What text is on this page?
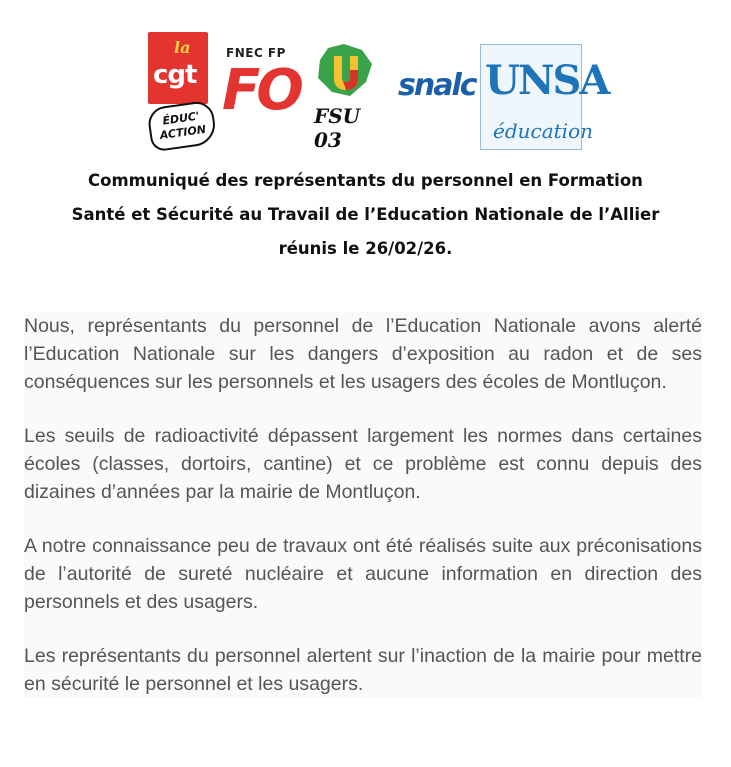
la
cgt
ÉDUC'
ACTION
FNEC FP
FO FSU 03
snalc UNSA
éducation
Communiqué des représentants du personnel en Formation
Santé et Sécurité au Travail de l’Education Nationale de l’Allier
réunis le 26/02/26.

Nous, représentants du personnel de l’Education Nationale avons alerté l’Education Nationale sur les dangers d’exposition au radon et de ses conséquences sur les personnels et les usagers des écoles de Montluçon.

Les seuils de radioactivité dépassent largement les normes dans certaines écoles (classes, dortoirs, cantine) et ce problème est connu depuis des dizaines d’années par la mairie de Montluçon.

A notre connaissance peu de travaux ont été réalisés suite aux préconisations de l’autorité de sureté nucléaire et aucune information en direction des personnels et des usagers.

Les représentants du personnel alertent sur l’inaction de la mairie pour mettre en sécurité le personnel et les usagers.
